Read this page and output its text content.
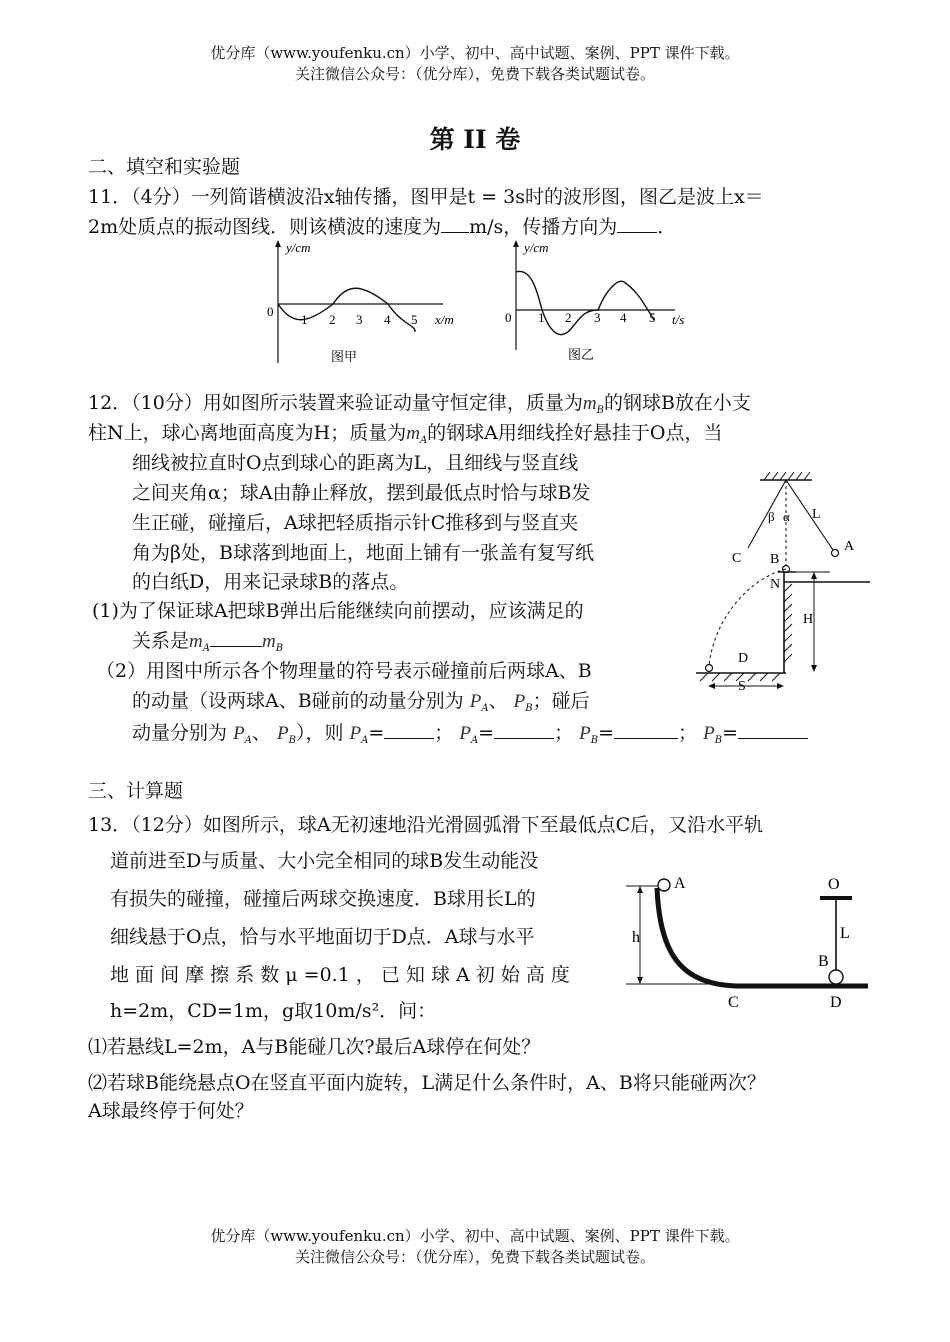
优分库（www.youfenku.cn）小学、初中、高中试题、案例、PPT 课件下载。
关注微信公众号：（优分库），免费下载各类试题试卷。
第 II 卷
二、填空和实验题
11．（4分）一列简谐横波沿x轴传播，图甲是t = 3s时的波形图，图乙是波上x＝
2m处质点的振动图线．则该横波的速度为 m/s，传播方向为 ．
y/cm
0
1 2 3 4 5 x/m
图甲
y/cm
0 1 2 3 4 5 t/s
图乙
12．（10分）用如图所示装置来验证动量守恒定律，质量为$m_B$的钢球B放在小支
柱N上，球心离地面高度为H；质量为$m_A$的钢球A用细线拴好悬挂于O点，当
细线被拉直时O点到球心的距离为L，且细线与竖直线
之间夹角α；球A由静止释放，摆到最低点时恰与球B发
生正碰，碰撞后，A球把轻质指示针C推移到与竖直夹
角为β处，B球落到地面上，地面上铺有一张盖有复写纸
的白纸D，用来记录球B的落点。
(1)为了保证球A把球B弹出后能继续向前摆动，应该满足的
关系是$m_A$	$m_B$
（2）用图中所示各个物理量的符号表示碰撞前后两球A、B
的动量（设两球A、B碰前的动量分别为 $P_A$、 $P_B$；碰后
动量分别为 $P_A$、 $P_B$），则 $P_A=$	； $P_A=$	； $P_B=$	； $P_B=$
A
B
C
D
N
H
L
S
α
β
三、计算题
13．（12分）如图所示，球A无初速地沿光滑圆弧滑下至最低点C后，又沿水平轨
道前进至D与质量、大小完全相同的球B发生动能没
有损失的碰撞，碰撞后两球交换速度．B球用长L的
细线悬于O点，恰与水平地面切于D点．A球与水平
地 面 间 摩 擦 系 数 μ =0.1 ， 已 知 球 A 初 始 高 度
h=2m，CD=1m，g取10m/s²．问：
⑴若悬线L=2m，A与B能碰几次?最后A球停在何处？
⑵若球B能绕悬点O在竖直平面内旋转，L满足什么条件时，A、B将只能碰两次？
A球最终停于何处？
A	O
h	L
B
C	D
优分库（www.youfenku.cn）小学、初中、高中试题、案例、PPT 课件下载。
关注微信公众号：（优分库），免费下载各类试题试卷。
